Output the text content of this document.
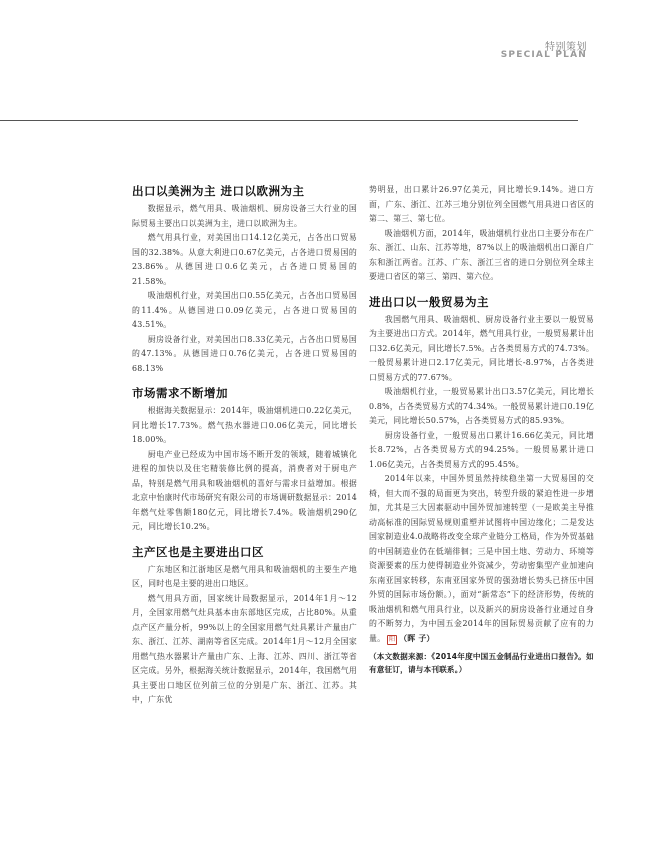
特别策划
SPECIAL PLAN
出口以美洲为主 进口以欧洲为主

数据显示，燃气用具、吸油烟机、厨房设备三大行业的国际贸易主要出口以美洲为主，进口以欧洲为主。

燃气用具行业，对美国出口14.12亿美元，占各出口贸易国的32.38%。从意大利进口0.67亿美元，占各进口贸易国的23.86%。从德国进口0.6亿美元，占各进口贸易国的21.58%。

吸油烟机行业，对美国出口0.55亿美元，占各出口贸易国的11.4%。从德国进口0.09亿美元，占各进口贸易国的43.51%。

厨房设备行业，对美国出口8.33亿美元，占各出口贸易国的47.13%。从德国进口0.76亿美元，占各进口贸易国的68.13%

市场需求不断增加

根据海关数据显示：2014年，吸油烟机进口0.22亿美元，同比增长17.73%。燃气热水器进口0.06亿美元，同比增长18.00%。

厨电产业已经成为中国市场不断开发的领域，随着城镇化进程的加快以及住宅精装修比例的提高，消费者对于厨电产品，特别是燃气用具和吸油烟机的喜好与需求日益增加。根据北京中怡康时代市场研究有限公司的市场调研数据显示：2014年燃气灶零售额180亿元，同比增长7.4%。吸油烟机290亿元，同比增长10.2%。

主产区也是主要进出口区

广东地区和江浙地区是燃气用具和吸油烟机的主要生产地区，同时也是主要的进出口地区。

燃气用具方面，国家统计局数据显示，2014年1月～12月，全国家用燃气灶具基本由东部地区完成，占比80%。从重点产区产量分析，99%以上的全国家用燃气灶具累计产量由广东、浙江、江苏、湖南等省区完成。2014年1月～12月全国家用燃气热水器累计产量由广东、上海、江苏、四川、浙江等省区完成。另外，根据海关统计数据显示，2014年，我国燃气用具主要出口地区位列前三位的分别是广东、浙江、江苏。其中，广东优

势明显，出口累计26.97亿美元，同比增长9.14%。进口方面，广东、浙江、江苏三地分别位列全国燃气用具进口省区的第二、第三、第七位。

吸油烟机方面，2014年，吸油烟机行业出口主要分布在广东、浙江、山东、江苏等地，87%以上的吸油烟机出口源自广东和浙江两省。江苏、广东、浙江三省的进口分别位列全球主要进口省区的第三、第四、第六位。

进出口以一般贸易为主

我国燃气用具、吸油烟机、厨房设备行业主要以一般贸易为主要进出口方式。2014年，燃气用具行业，一般贸易累计出口32.6亿美元，同比增长7.5%。占各类贸易方式的74.73%。一般贸易累计进口2.17亿美元，同比增长-8.97%，占各类进口贸易方式的77.67%。

吸油烟机行业，一般贸易累计出口3.57亿美元，同比增长0.8%，占各类贸易方式的74.34%。一般贸易累计进口0.19亿美元，同比增长50.57%，占各类贸易方式的85.93%。

厨房设备行业，一般贸易出口累计16.66亿美元，同比增长8.72%，占各类贸易方式的94.25%。一般贸易累计进口1.06亿美元，占各类贸易方式的95.45%。

2014年以来，中国外贸虽然持续稳坐第一大贸易国的交椅，但大而不强的局面更为突出，转型升级的紧迫性进一步增加，尤其是三大因素驱动中国外贸加速转型（一是欧美主导推动高标准的国际贸易规则重塑并试图将中国边缘化；二是发达国家制造业4.0战略将改变全球产业链分工格局，作为外贸基础的中国制造业仍在低端徘徊；三是中国土地、劳动力、环境等资源要素的压力使得制造业外资减少，劳动密集型产业加速向东南亚国家转移，东南亚国家外贸的强劲增长势头已挤压中国外贸的国际市场份额。），面对“新常态”下的经济形势，传统的吸油烟机和燃气用具行业，以及新兴的厨房设备行业通过自身的不断努力，为中国五金2014年的国际贸易贡献了应有的力量。 阳 （晖 子）

（本文数据来源：《2014年度中国五金制品行业进出口报告》。如有意征订，请与本刊联系。）
